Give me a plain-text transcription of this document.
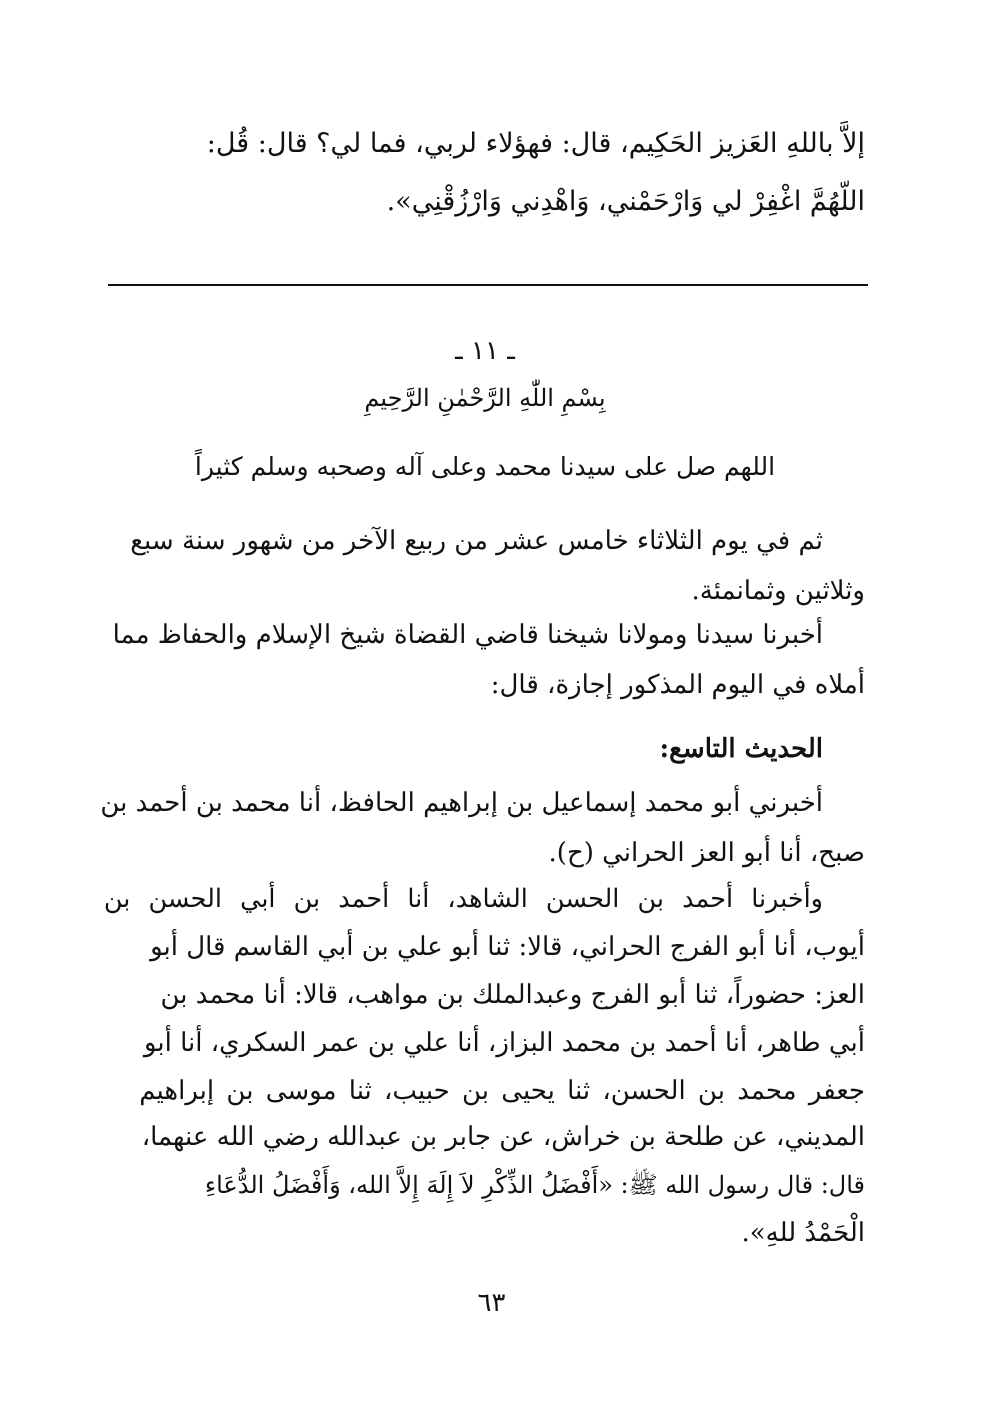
إلاَّ باللهِ العَزيز الحَكِيم، قال: فهؤلاء لربي، فما لي؟ قال: قُل:
اللّهُمَّ اغْفِرْ لي وَارْحَمْني، وَاهْدِني وَارْزُقْنِي».
ـ ١١ ـ
بِسْمِ اللّٰهِ الرَّحْمٰنِ الرَّحِيمِ
اللهم صل على سيدنا محمد وعلى آله وصحبه وسلم كثيراً
ثم في يوم الثلاثاء خامس عشر من ربيع الآخر من شهور سنة سبع
وثلاثين وثمانمئة.
أخبرنا سيدنا ومولانا شيخنا قاضي القضاة شيخ الإسلام والحفاظ مما
أملاه في اليوم المذكور إجازة، قال:
الحديث التاسع:
أخبرني أبو محمد إسماعيل بن إبراهيم الحافظ، أنا محمد بن أحمد بن
صبح، أنا أبو العز الحراني (ح).
وأخبرنا أحمد بن الحسن الشاهد، أنا أحمد بن أبي الحسن بن
أيوب، أنا أبو الفرج الحراني، قالا: ثنا أبو علي بن أبي القاسم قال أبو
العز: حضوراً، ثنا أبو الفرج وعبدالملك بن مواهب، قالا: أنا محمد بن
أبي طاهر، أنا أحمد بن محمد البزاز، أنا علي بن عمر السكري، أنا أبو
جعفر محمد بن الحسن، ثنا يحيى بن حبيب، ثنا موسى بن إبراهيم
المديني، عن طلحة بن خراش، عن جابر بن عبدالله رضي الله عنهما،
قال: قال رسول الله ﷺ: «أَفْضَلُ الذِّكْرِ لاَ إِلَهَ إِلاَّ الله، وَأَفْضَلُ الدُّعَاءِ
الْحَمْدُ للهِ».
٦٣
